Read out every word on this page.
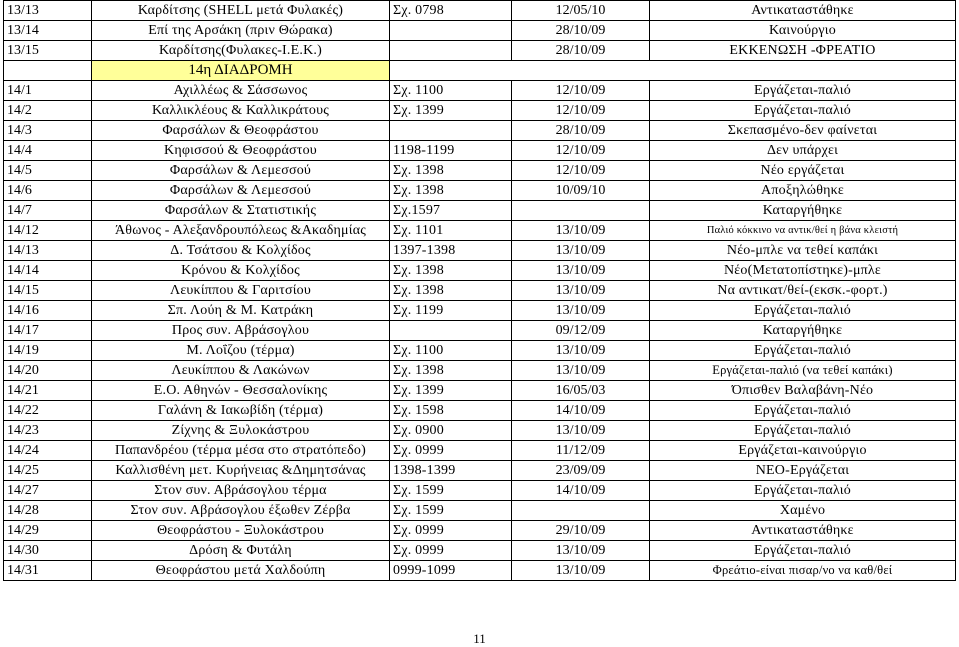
13/13	Καρδίτσης (SHELL μετά Φυλακές)	Σχ. 0798	12/05/10	Αντικαταστάθηκε
13/14	Επί της Αρσάκη (πριν Θώρακα)		28/10/09	Καινούργιο
13/15	Καρδίτσης(Φυλακες-Ι.Ε.Κ.)		28/10/09	ΕΚΚΕΝΩΣΗ -ΦΡΕΑΤΙΟ
	14η ΔΙΑΔΡΟΜΗ			
14/1	Αχιλλέως & Σάσσωνος	Σχ. 1100	12/10/09	Εργάζεται-παλιό
14/2	Καλλικλέους & Καλλικράτους	Σχ. 1399	12/10/09	Εργάζεται-παλιό
14/3	Φαρσάλων & Θεοφράστου		28/10/09	Σκεπασμένο-δεν φαίνεται
14/4	Κηφισσού & Θεοφράστου	1198-1199	12/10/09	Δεν υπάρχει
14/5	Φαρσάλων & Λεμεσσού	Σχ. 1398	12/10/09	Νέο εργάζεται
14/6	Φαρσάλων & Λεμεσσού	Σχ. 1398	10/09/10	Αποξηλώθηκε
14/7	Φαρσάλων & Στατιστικής	Σχ.1597		Καταργήθηκε
14/12	Άθωνος - Αλεξανδρουπόλεως &Ακαδημίας	Σχ. 1101	13/10/09	Παλιό κόκκινο να αντικ/θεί η βάνα κλειστή
14/13	Δ. Τσάτσου & Κολχίδος	1397-1398	13/10/09	Νέο-μπλε να τεθεί καπάκι
14/14	Κρόνου & Κολχίδος	Σχ. 1398	13/10/09	Νέο(Μετατοπίστηκε)-μπλε
14/15	Λευκίππου & Γαριτσίου	Σχ. 1398	13/10/09	Να αντικατ/θεί-(εκσκ.-φορτ.)
14/16	Σπ. Λούη & Μ. Κατράκη	Σχ. 1199	13/10/09	Εργάζεται-παλιό
14/17	Προς συν. Αβράσογλου		09/12/09	Καταργήθηκε
14/19	Μ. Λοΐζου (τέρμα)	Σχ. 1100	13/10/09	Εργάζεται-παλιό
14/20	Λευκίππου & Λακώνων	Σχ. 1398	13/10/09	Εργάζεται-παλιό (να τεθεί καπάκι)
14/21	Ε.Ο. Αθηνών - Θεσσαλονίκης	Σχ. 1399	16/05/03	Όπισθεν Βαλαβάνη-Νέο
14/22	Γαλάνη & Ιακωβίδη (τέρμα)	Σχ. 1598	14/10/09	Εργάζεται-παλιό
14/23	Ζίχνης & Ξυλοκάστρου	Σχ. 0900	13/10/09	Εργάζεται-παλιό
14/24	Παπανδρέου (τέρμα μέσα στο στρατόπεδο)	Σχ. 0999	11/12/09	Εργάζεται-καινούργιο
14/25	Καλλισθένη μετ. Κυρήνειας &Δημητσάνας	1398-1399	23/09/09	ΝΕΟ-Εργάζεται
14/27	Στον συν. Αβράσογλου τέρμα	Σχ. 1599	14/10/09	Εργάζεται-παλιό
14/28	Στον συν. Αβράσογλου έξωθεν Ζέρβα	Σχ. 1599		Χαμένο
14/29	Θεοφράστου - Ξυλοκάστρου	Σχ. 0999	29/10/09	Αντικαταστάθηκε
14/30	Δρόση & Φυτάλη	Σχ. 0999	13/10/09	Εργάζεται-παλιό
14/31	Θεοφράστου μετά Χαλδούπη	0999-1099	13/10/09	Φρεάτιο-είναι πισαρ/νο να καθ/θεί
11
